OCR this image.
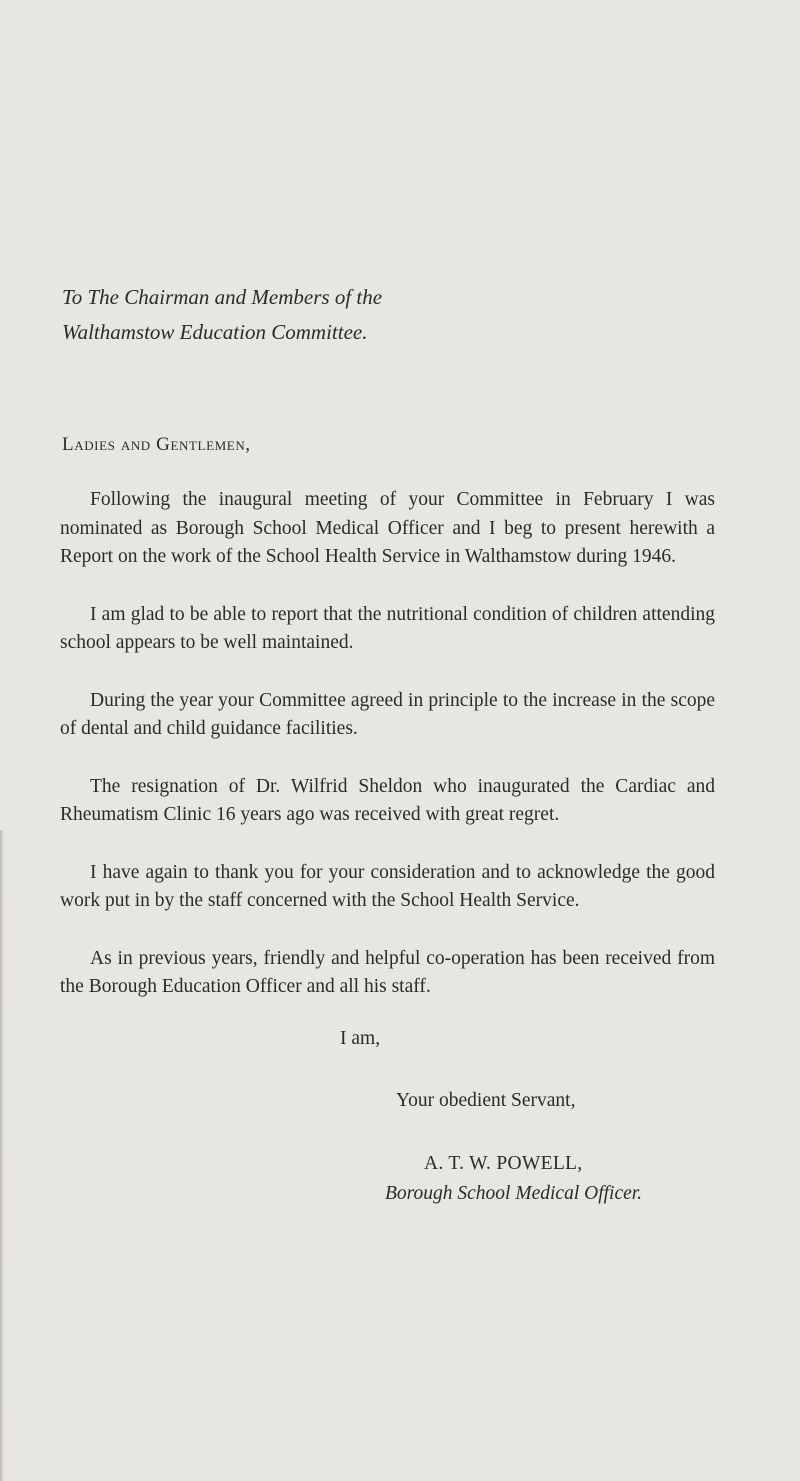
To The Chairman and Members of the
Walthamstow Education Committee.
Ladies and Gentlemen,

Following the inaugural meeting of your Committee in February I was nominated as Borough School Medical Officer and I beg to present herewith a Report on the work of the School Health Service in Walthamstow during 1946.

I am glad to be able to report that the nutritional condition of children attending school appears to be well maintained.

During the year your Committee agreed in principle to the increase in the scope of dental and child guidance facilities.

The resignation of Dr. Wilfrid Sheldon who inaugurated the Cardiac and Rheumatism Clinic 16 years ago was received with great regret.

I have again to thank you for your consideration and to acknowledge the good work put in by the staff concerned with the School Health Service.

As in previous years, friendly and helpful co-operation has been received from the Borough Education Officer and all his staff.

I am,
Your obedient Servant,
A. T. W. POWELL,
Borough School Medical Officer.
